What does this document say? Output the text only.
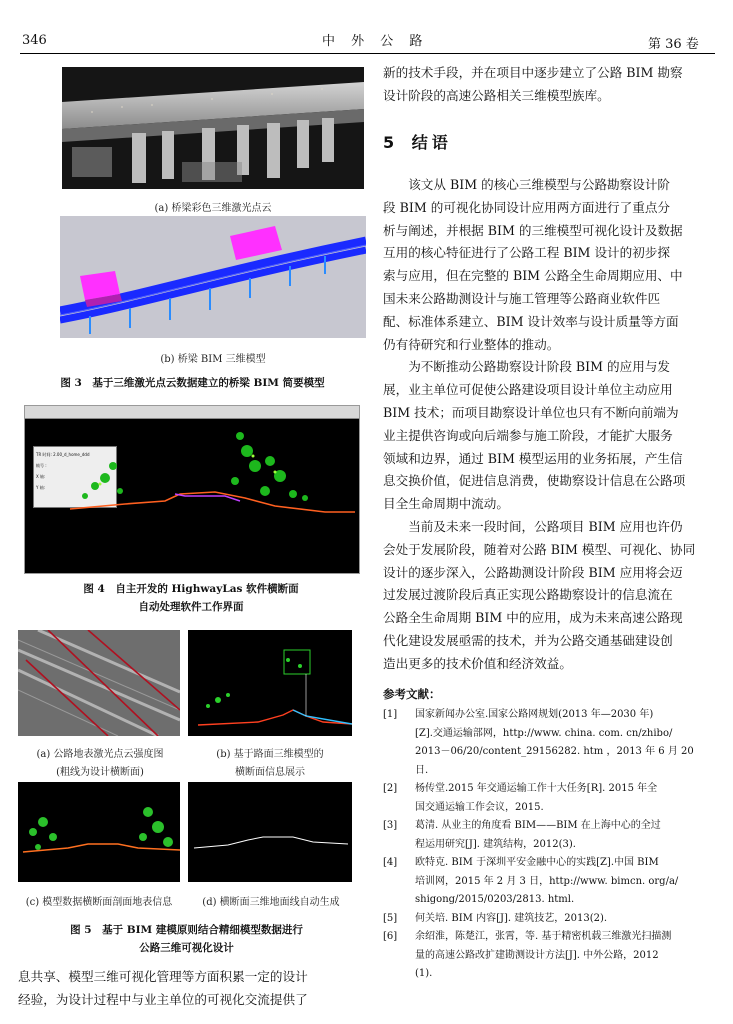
346	中 外 公 路	第 36 卷
(a) 桥梁彩色三维激光点云
(b) 桥梁 BIM 三维模型
图 3　基于三维激光点云数据建立的桥梁 BIM 简要模型
TR 时间: 2.00_d_home_ddd
帧号 :
X 轴:
Y 轴:
图 4　自主开发的 HighwayLas 软件横断面
自动处理软件工作界面
(a) 公路地表激光点云强度图
(粗线为设计横断面)
(b) 基于路面三维模型的
横断面信息展示
(c) 模型数据横断面剖面地表信息	(d) 横断面三维地面线自动生成
图 5　基于 BIM 建模原则结合精细模型数据进行
公路三维可视化设计
息共享、模型三维可视化管理等方面积累一定的设计
经验，为设计过程中与业主单位的可视化交流提供了
新的技术手段，并在项目中逐步建立了公路 BIM 勘察
设计阶段的高速公路相关三维模型族库。
5 结语
　　该文从 BIM 的核心三维模型与公路勘察设计阶
段 BIM 的可视化协同设计应用两方面进行了重点分
析与阐述，并根据 BIM 的三维模型可视化设计及数据
互用的核心特征进行了公路工程 BIM 设计的初步探
索与应用，但在完整的 BIM 公路全生命周期应用、中
国未来公路勘测设计与施工管理等公路商业软件匹
配、标准体系建立、BIM 设计效率与设计质量等方面
仍有待研究和行业整体的推动。
　　为不断推动公路勘察设计阶段 BIM 的应用与发
展，业主单位可促使公路建设项目设计单位主动应用
BIM 技术；而项目勘察设计单位也只有不断向前端为
业主提供咨询或向后端参与施工阶段，才能扩大服务
领域和边界，通过 BIM 模型运用的业务拓展，产生信
息交换价值，促进信息消费，使勘察设计信息在公路项
目全生命周期中流动。
　　当前及未来一段时间，公路项目 BIM 应用也许仍
会处于发展阶段，随着对公路 BIM 模型、可视化、协同
设计的逐步深入，公路勘测设计阶段 BIM 应用将会迈
过发展过渡阶段后真正实现公路勘察设计的信息流在
公路全生命周期 BIM 中的应用，成为未来高速公路现
代化建设发展亟需的技术，并为公路交通基础建设创
造出更多的技术价值和经济效益。
参考文献：
[1]	国家新闻办公室.国家公路网规划(2013 年—2030 年)
[Z].交通运输部网，http://www. china. com. cn/zhibo/
2013－06/20/content_29156282. htm ，2013 年 6 月 20
日.
[2]	杨传堂.2015 年交通运输工作十大任务[R]. 2015 年全
国交通运输工作会议，2015.
[3]	葛清. 从业主的角度看 BIM——BIM 在上海中心的全过
程运用研究[J]. 建筑结构，2012(3).
[4]	欧特克. BIM 于深圳平安金融中心的实践[Z].中国 BIM
培训网，2015 年 2 月 3 日，http://www. bimcn. org/a/
shigong/2015/0203/2813. html.
[5]	何关培. BIM 内容[J]. 建筑技艺，2013(2).
[6]	余绍淮，陈楚江，张霄，等. 基于精密机载三维激光扫描测
量的高速公路改扩建勘测设计方法[J]. 中外公路，2012
(1).
